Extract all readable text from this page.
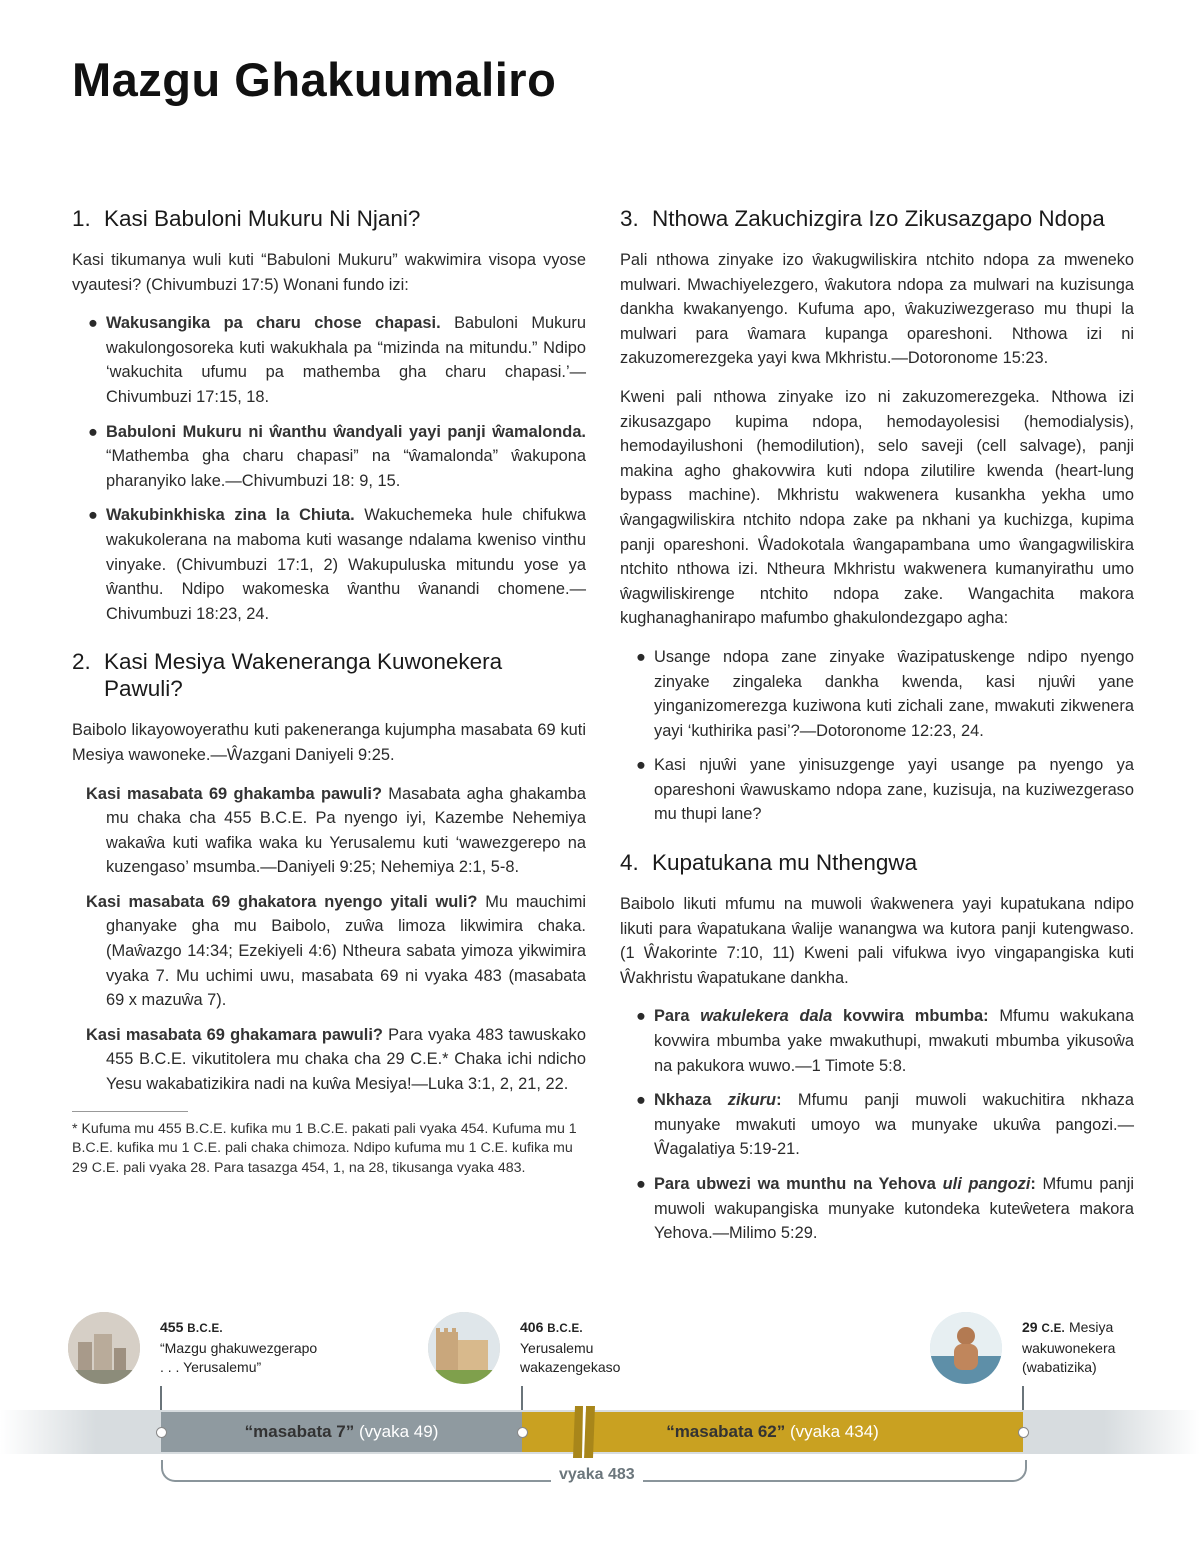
Mazgu Ghakuumaliro
1. Kasi Babuloni Mukuru Ni Njani?

Kasi tikumanya wuli kuti “Babuloni Mukuru” wakwimira visopa vyose vyautesi? (Chivumbuzi 17:5) Wonani fundo izi:

● Wakusangika pa charu chose chapasi. Babuloni Mukuru wakulongosoreka kuti wakukhala pa “mizinda na mitundu.” Ndipo ‘wakuchita ufumu pa mathemba gha charu chapasi.’—Chivumbuzi 17:15, 18.
● Babuloni Mukuru ni ŵanthu ŵandyali yayi panji ŵamalonda. “Mathemba gha charu chapasi” na “ŵamalonda” ŵakupona pharanyiko lake.—Chivumbuzi 18: 9, 15.
● Wakubinkhiska zina la Chiuta. Wakuchemeka hule chifukwa wakukolerana na maboma kuti wasange ndalama kweniso vinthu vinyake. (Chivumbuzi 17:1, 2) Wakupuluska mitundu yose ya ŵanthu. Ndipo wakomeska ŵanthu ŵanandi chomene.—Chivumbuzi 18:23, 24.
2. Kasi Mesiya Wakeneranga Kuwonekera Pawuli?

Baibolo likayowoyerathu kuti pakeneranga kujumpha masabata 69 kuti Mesiya wawoneke.—Ŵazgani Daniyeli 9:25.

Kasi masabata 69 ghakamba pawuli? Masabata agha ghakamba mu chaka cha 455 B.C.E. Pa nyengo iyi, Kazembe Nehemiya wakaŵa kuti wafika waka ku Yerusalemu kuti ‘wawezgerepo na kuzengaso’ msumba.—Daniyeli 9:25; Nehemiya 2:1, 5-8.

Kasi masabata 69 ghakatora nyengo yitali wuli? Mu mauchimi ghanyake gha mu Baibolo, zuŵa limoza likwimira chaka. (Maŵazgo 14:34; Ezekiyeli 4:6) Ntheura sabata yimoza yikwimira vyaka 7. Mu uchimi uwu, masabata 69 ni vyaka 483 (masabata 69 x mazuŵa 7).

Kasi masabata 69 ghakamara pawuli? Para vyaka 483 tawuskako 455 B.C.E. vikutitolera mu chaka cha 29 C.E.* Chaka ichi ndicho Yesu wakabatizikira nadi na kuŵa Mesiya!—Luka 3:1, 2, 21, 22.

* Kufuma mu 455 B.C.E. kufika mu 1 B.C.E. pakati pali vyaka 454. Kufuma mu 1 B.C.E. kufika mu 1 C.E. pali chaka chimoza. Ndipo kufuma mu 1 C.E. kufika mu 29 C.E. pali vyaka 28. Para tasazga 454, 1, na 28, tikusanga vyaka 483.
3. Nthowa Zakuchizgira Izo Zikusazgapo Ndopa

Pali nthowa zinyake izo ŵakugwiliskira ntchito ndopa za mweneko mulwari. Mwachiyelezgero, ŵakutora ndopa za mulwari na kuzisunga dankha kwakanyengo. Kufuma apo, ŵakuziwezgeraso mu thupi la mulwari para ŵamara kupanga opareshoni. Nthowa izi ni zakuzomerezgeka yayi kwa Mkhristu.—Dotoronome 15:23.

Kweni pali nthowa zinyake izo ni zakuzomerezgeka. Nthowa izi zikusazgapo kupima ndopa, hemodayolesisi (hemodialysis), hemodayilushoni (hemodilution), selo saveji (cell salvage), panji makina agho ghakovwira kuti ndopa zilutilire kwenda (heart-lung bypass machine). Mkhristu wakwenera kusankha yekha umo ŵangagwiliskira ntchito ndopa zake pa nkhani ya kuchizga, kupima panji opareshoni. Ŵadokotala ŵangapambana umo ŵangagwiliskira ntchito nthowa izi. Ntheura Mkhristu wakwenera kumanyirathu umo ŵagwiliskirenge ntchito ndopa zake. Wangachita makora kughanaghanirapo mafumbo ghakulondezgapo agha:

● Usange ndopa zane zinyake ŵazipatuskenge ndipo nyengo zinyake zingaleka dankha kwenda, kasi njuŵi yane yinganizomerezga kuziwona kuti zichali zane, mwakuti zikwenera yayi ‘kuthirika pasi’?—Dotoronome 12:23, 24.
● Kasi njuŵi yane yinisuzgenge yayi usange pa nyengo ya opareshoni ŵawuskamo ndopa zane, kuzisuja, na kuziwezgeraso mu thupi lane?
4. Kupatukana mu Nthengwa

Baibolo likuti mfumu na muwoli ŵakwenera yayi kupatukana ndipo likuti para ŵapatukana ŵalije wanangwa wa kutora panji kutengwaso. (1 Ŵakorinte 7:10, 11) Kweni pali vifukwa ivyo vingapangiska kuti Ŵakhristu ŵapatukane dankha.

● Para wakulekera dala kovwira mbumba: Mfumu wakukana kovwira mbumba yake mwakuthupi, mwakuti mbumba yikusoŵa na pakukora wuwo.—1 Timote 5:8.
● Nkhaza zikuru: Mfumu panji muwoli wakuchitira nkhaza munyake mwakuti umoyo wa munyake ukuŵa pangozi.—Ŵagalatiya 5:19-21.
● Para ubwezi wa munthu na Yehova uli pangozi: Mfumu panji muwoli wakupangiska munyake kutondeka kuteŵetera makora Yehova.—Milimo 5:29.
455 B.C.E.
“Mazgu ghakuwezgerapo
. . . Yerusalemu”
406 B.C.E.
Yerusalemu
wakazengekaso
29 C.E. Mesiya
wakuwonekera
(wabatizika)
“masabata 7” (vyaka 49)	“masabata 62” (vyaka 434)
vyaka 483
